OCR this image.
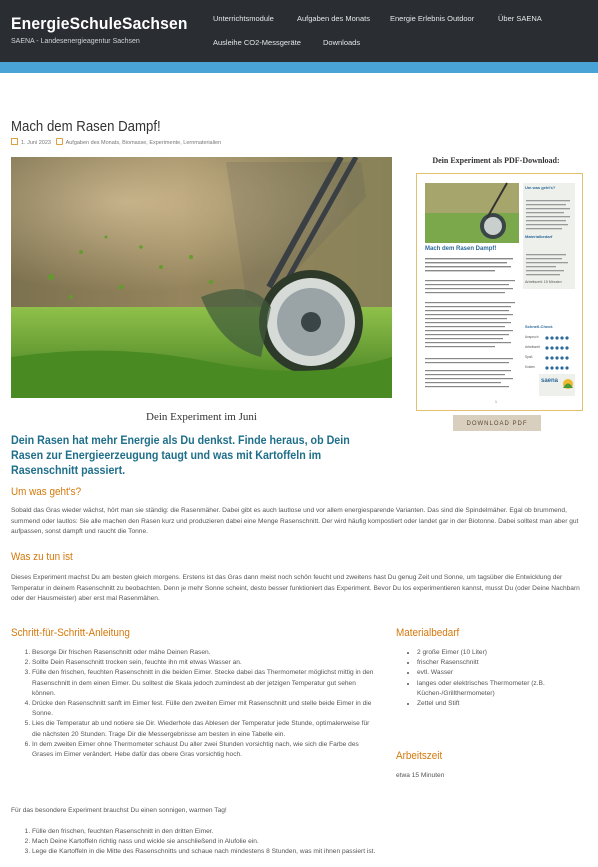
EnergieSchuleSachsen
SAENA - Landesenergieagentur Sachsen
Unterrichtsmodule	Aufgaben des Monats	Energie Erlebnis Outdoor	Über SAENA
Ausleihe CO2-Messgeräte	Downloads
Mach dem Rasen Dampf!
1. Juni 2023	Aufgaben des Monats, Biomasse, Experimente, Lernmaterialien
Dein Experiment im Juni
Dein Rasen hat mehr Energie als Du denkst. Finde heraus, ob Dein Rasen zur Energieerzeugung taugt und was mit Kartoffeln im Rasenschnitt passiert.
Um was geht's?
Sobald das Gras wieder wächst, hört man sie ständig: die Rasenmäher. Dabei gibt es auch lautlose und vor allem energiesparende Varianten. Das sind die Spindelmäher. Egal ob brummend, summend oder lautlos: Sie alle machen den Rasen kurz und produzieren dabei eine Menge Rasenschnitt. Der wird häufig kompostiert oder landet gar in der Biotonne. Dabei solltest man aber gut aufpassen, sonst dampft und raucht die Tonne.
Was zu tun ist
Dieses Experiment machst Du am besten gleich morgens. Erstens ist das Gras dann meist noch schön feucht und zweitens hast Du genug Zeit und Sonne, um tagsüber die Entwicklung der Temperatur in deinem Rasenschnitt zu beobachten. Denn je mehr Sonne scheint, desto besser funktioniert das Experiment. Bevor Du los experimentieren kannst, musst Du (oder Deine Nachbarn oder der Hausmeister) aber erst mal Rasenmähen.
Schritt-für-Schritt-Anleitung
1. Besorge Dir frischen Rasenschnitt oder mähe Deinen Rasen.
2. Sollte Dein Rasenschnitt trocken sein, feuchte ihn mit etwas Wasser an.
3. Fülle den frischen, feuchten Rasenschnitt in die beiden Eimer. Stecke dabei das Thermometer möglichst mittig in den Rasenschnitt in dem einen Eimer. Du solltest die Skala jedoch zumindest ab der jetzigen Temperatur gut sehen können.
4. Drücke den Rasenschnitt sanft im Eimer fest. Fülle den zweiten Eimer mit Rasenschnitt und stelle beide Eimer in die Sonne.
5. Lies die Temperatur ab und notiere sie Dir. Wiederhole das Ablesen der Temperatur jede Stunde, optimalerweise für die nächsten 20 Stunden. Trage Dir die Messergebnisse am besten in eine Tabelle ein.
6. In dem zweiten Eimer ohne Thermometer schaust Du aller zwei Stunden vorsichtig nach, wie sich die Farbe des Grases im Eimer verändert. Hebe dafür das obere Gras vorsichtig hoch.
Materialbedarf
• 2 große Eimer (10 Liter)
• frischer Rasenschnitt
• evtl. Wasser
• langes oder elektrisches Thermometer (z.B. Küchen-/Grillthermometer)
• Zettel und Stift
Arbeitszeit
etwa 15 Minuten
Für das besondere Experiment brauchst Du einen sonnigen, warmen Tag!
1. Fülle den frischen, feuchten Rasenschnitt in den dritten Eimer.
2. Mach Deine Kartoffeln richtig nass und wickle sie anschließend in Alufolie ein.
3. Lege die Kartoffeln in die Mitte des Rasenschnitts und schaue nach mindestens 8 Stunden, was mit ihnen passiert ist.
Dein Experiment als PDF-Download:
Um was geht's?
Mach dem Rasen Dampf!
Materialbedarf
Arbeitszeit: 15 Minuten
Schnell-Check
Anspruch
Arbeitszeit
Spaß
Kosten
saena
1
DOWNLOAD PDF
